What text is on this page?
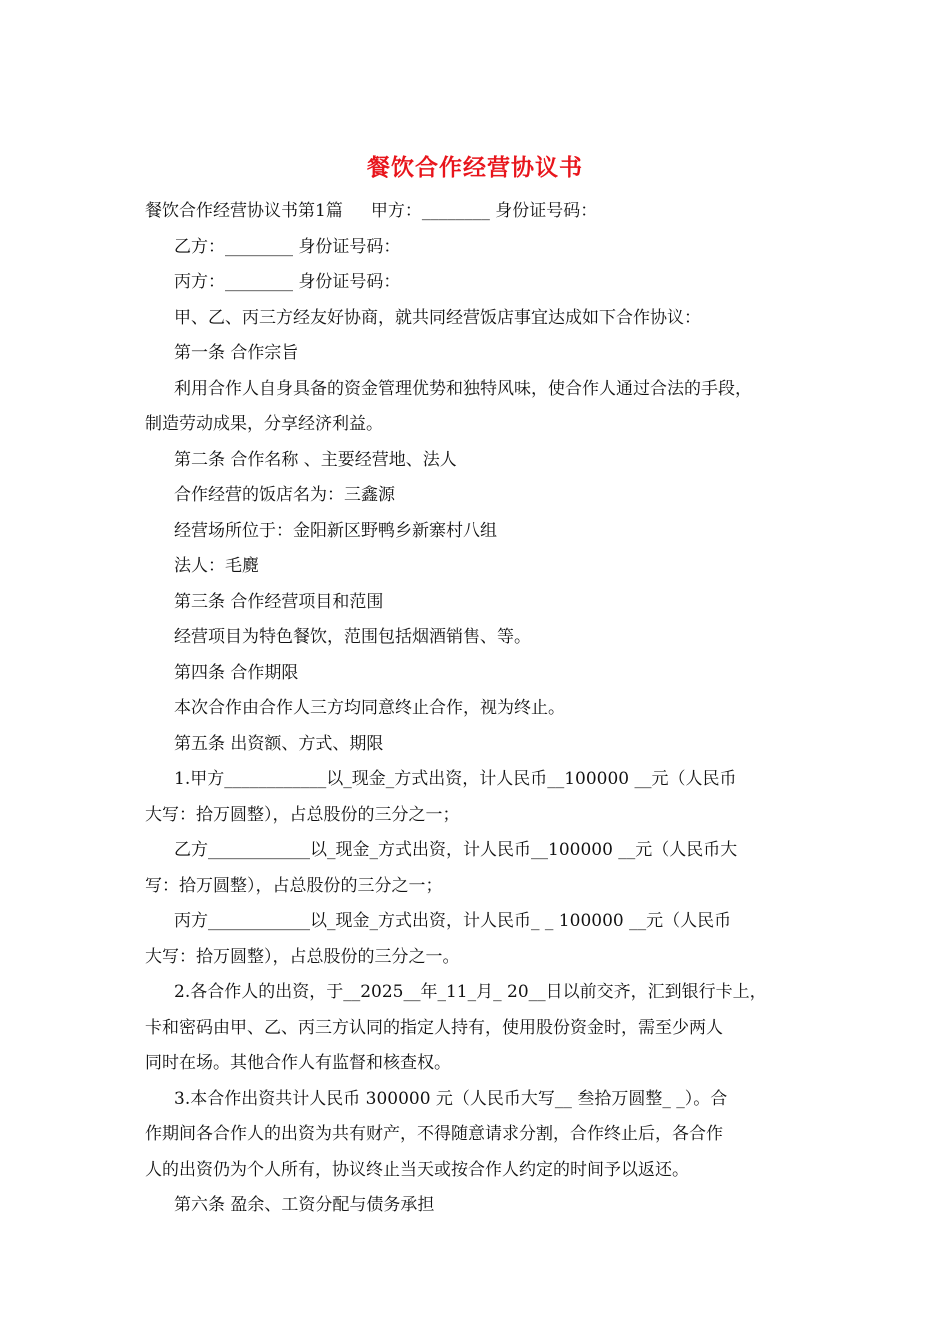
餐饮合作经营协议书
餐饮合作经营协议书第1篇 甲方：________ 身份证号码：
乙方：________ 身份证号码：
丙方：________ 身份证号码：
甲、乙、丙三方经友好协商，就共同经营饭店事宜达成如下合作协议：
第一条 合作宗旨
利用合作人自身具备的资金管理优势和独特风味，使合作人通过合法的手段，
制造劳动成果，分享经济利益。
第二条 合作名称 、主要经营地、法人
合作经营的饭店名为：三鑫源
经营场所位于：金阳新区野鸭乡新寨村八组
法人：毛麑
第三条 合作经营项目和范围
经营项目为特色餐饮，范围包括烟酒销售、等。
第四条 合作期限
本次合作由合作人三方均同意终止合作，视为终止。
第五条 出资额、方式、期限
1.甲方____________以_现金_方式出资，计人民币__100000 __元（人民币
大写：拾万圆整），占总股份的三分之一；
乙方____________以_现金_方式出资，计人民币__100000 __元（人民币大
写：拾万圆整），占总股份的三分之一；
丙方____________以_现金_方式出资，计人民币_ _ 100000 __元（人民币
大写：拾万圆整），占总股份的三分之一。
2.各合作人的出资，于__2025__年_11_月_ 20__日以前交齐，汇到银行卡上，
卡和密码由甲、乙、丙三方认同的指定人持有，使用股份资金时，需至少两人
同时在场。其他合作人有监督和核查权。
3.本合作出资共计人民币 300000 元（人民币大写__ 叁拾万圆整_ _）。合
作期间各合作人的出资为共有财产，不得随意请求分割，合作终止后，各合作
人的出资仍为个人所有，协议终止当天或按合作人约定的时间予以返还。
第六条 盈余、工资分配与债务承担
